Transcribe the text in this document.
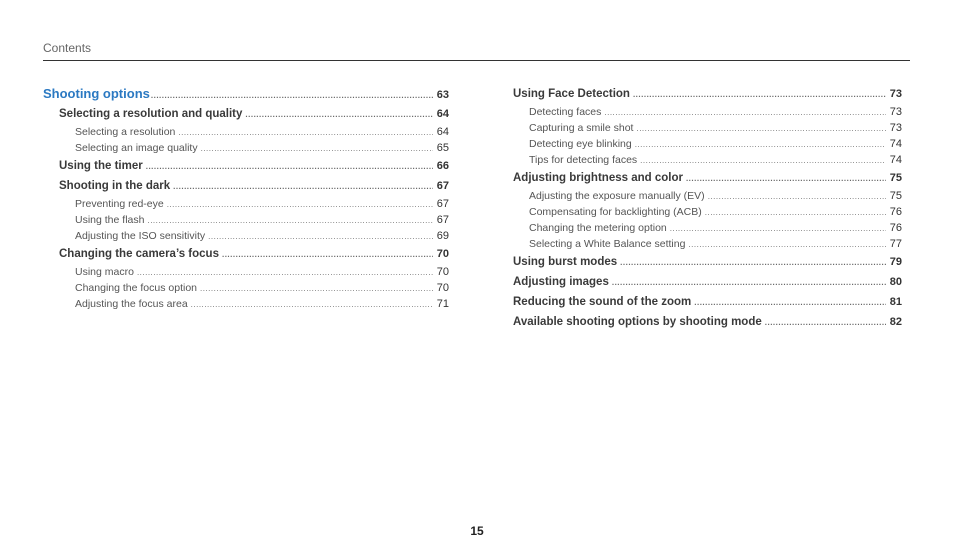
Contents
Shooting options .....	63
Selecting a resolution and quality .....	64
Selecting a resolution .....	64
Selecting an image quality .....	65
Using the timer .....	66
Shooting in the dark .....	67
Preventing red-eye .....	67
Using the flash .....	67
Adjusting the ISO sensitivity .....	69
Changing the camera’s focus .....	70
Using macro .....	70
Changing the focus option .....	70
Adjusting the focus area .....	71
Using Face Detection .....	73
Detecting faces .....	73
Capturing a smile shot .....	73
Detecting eye blinking .....	74
Tips for detecting faces .....	74
Adjusting brightness and color .....	75
Adjusting the exposure manually (EV) .....	75
Compensating for backlighting (ACB) .....	76
Changing the metering option .....	76
Selecting a White Balance setting .....	77
Using burst modes .....	79
Adjusting images .....	80
Reducing the sound of the zoom .....	81
Available shooting options by shooting mode .....	82
15
